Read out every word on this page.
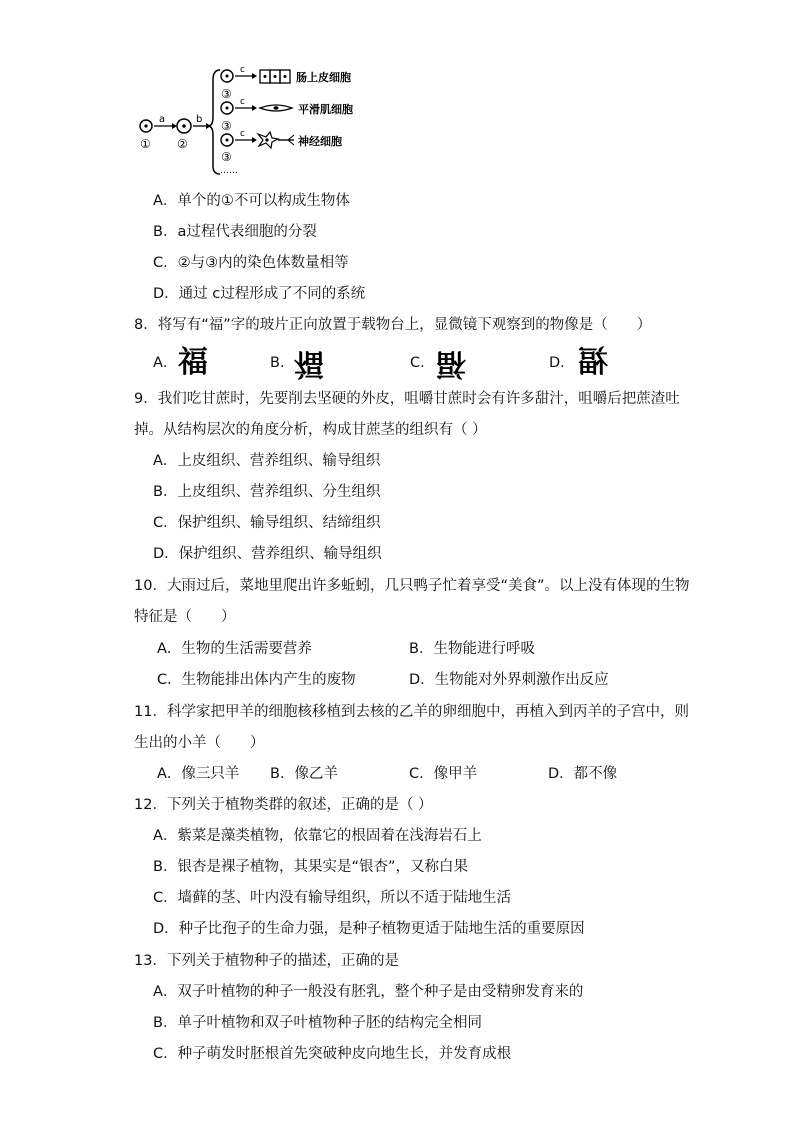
①
a
②
b
c
肠上皮细胞
③
c
平滑肌细胞
③
c
神经细胞
③
……
A．单个的①不可以构成生物体
B．a过程代表细胞的分裂
C．②与③内的染色体数量相等
D．通过 c过程形成了不同的系统
8．将写有“福”字的玻片正向放置于载物台上，显微镜下观察到的物像是（　　）
A． 福	B． 福	C． 福	D． 福
9．我们吃甘蔗时，先要削去坚硬的外皮，咀嚼甘蔗时会有许多甜汁，咀嚼后把蔗渣吐
掉。从结构层次的角度分析，构成甘蔗茎的组织有（ ）
A．上皮组织、营养组织、输导组织
B．上皮组织、营养组织、分生组织
C．保护组织、输导组织、结缔组织
D．保护组织、营养组织、输导组织
10．大雨过后，菜地里爬出许多蚯蚓，几只鸭子忙着享受“美食”。以上没有体现的生物
特征是（　　）
A．生物的生活需要营养	B．生物能进行呼吸
C．生物能排出体内产生的废物	D．生物能对外界刺激作出反应
11．科学家把甲羊的细胞核移植到去核的乙羊的卵细胞中，再植入到丙羊的子宫中，则
生出的小羊（　　）
A．像三只羊 B．像乙羊	C．像甲羊	D．都不像
12．下列关于植物类群的叙述，正确的是（ ）
A．紫菜是藻类植物，依靠它的根固着在浅海岩石上
B．银杏是裸子植物，其果实是“银杏”，又称白果
C．墙藓的茎、叶内没有输导组织，所以不适于陆地生活
D．种子比孢子的生命力强，是种子植物更适于陆地生活的重要原因
13．下列关于植物种子的描述，正确的是
A．双子叶植物的种子一般没有胚乳，整个种子是由受精卵发育来的
B．单子叶植物和双子叶植物种子胚的结构完全相同
C．种子萌发时胚根首先突破种皮向地生长，并发育成根
